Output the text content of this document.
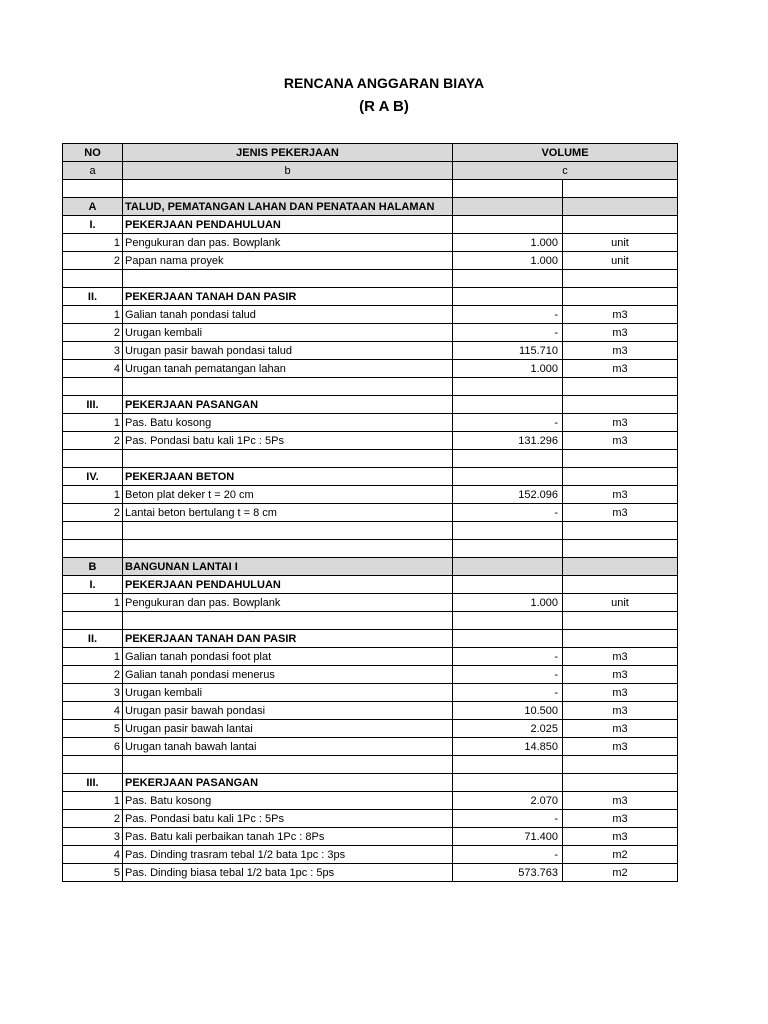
RENCANA ANGGARAN BIAYA
(R A B)
NO	JENIS PEKERJAAN	VOLUME	
a	b	c	

A	TALUD, PEMATANGAN LAHAN DAN PENATAAN HALAMAN		
I.	PEKERJAAN PENDAHULUAN		
1	Pengukuran dan pas. Bowplank	1.000	unit
2	Papan nama proyek	1.000	unit

II.	PEKERJAAN TANAH DAN PASIR		
1	Galian tanah pondasi talud	-	m3
2	Urugan kembali	-	m3
3	Urugan pasir bawah pondasi talud	115.710	m3
4	Urugan tanah pematangan lahan	1.000	m3

III.	PEKERJAAN PASANGAN		
1	Pas. Batu kosong	-	m3
2	Pas. Pondasi batu kali 1Pc : 5Ps	131.296	m3

IV.	PEKERJAAN BETON		
1	Beton plat deker t = 20 cm	152.096	m3
2	Lantai beton bertulang t = 8 cm	-	m3

B	BANGUNAN LANTAI I		
I.	PEKERJAAN PENDAHULUAN		
1	Pengukuran dan pas. Bowplank	1.000	unit

II.	PEKERJAAN TANAH DAN PASIR		
1	Galian tanah pondasi foot plat	-	m3
2	Galian tanah pondasi menerus	-	m3
3	Urugan kembali	-	m3
4	Urugan pasir bawah pondasi	10.500	m3
5	Urugan pasir bawah lantai	2.025	m3
6	Urugan tanah bawah lantai	14.850	m3

III.	PEKERJAAN PASANGAN		
1	Pas. Batu kosong	2.070	m3
2	Pas. Pondasi batu kali 1Pc : 5Ps	-	m3
3	Pas. Batu kali perbaikan tanah 1Pc : 8Ps	71.400	m3
4	Pas. Dinding trasram tebal 1/2 bata 1pc : 3ps	-	m2
5	Pas. Dinding biasa tebal 1/2 bata 1pc : 5ps	573.763	m2
